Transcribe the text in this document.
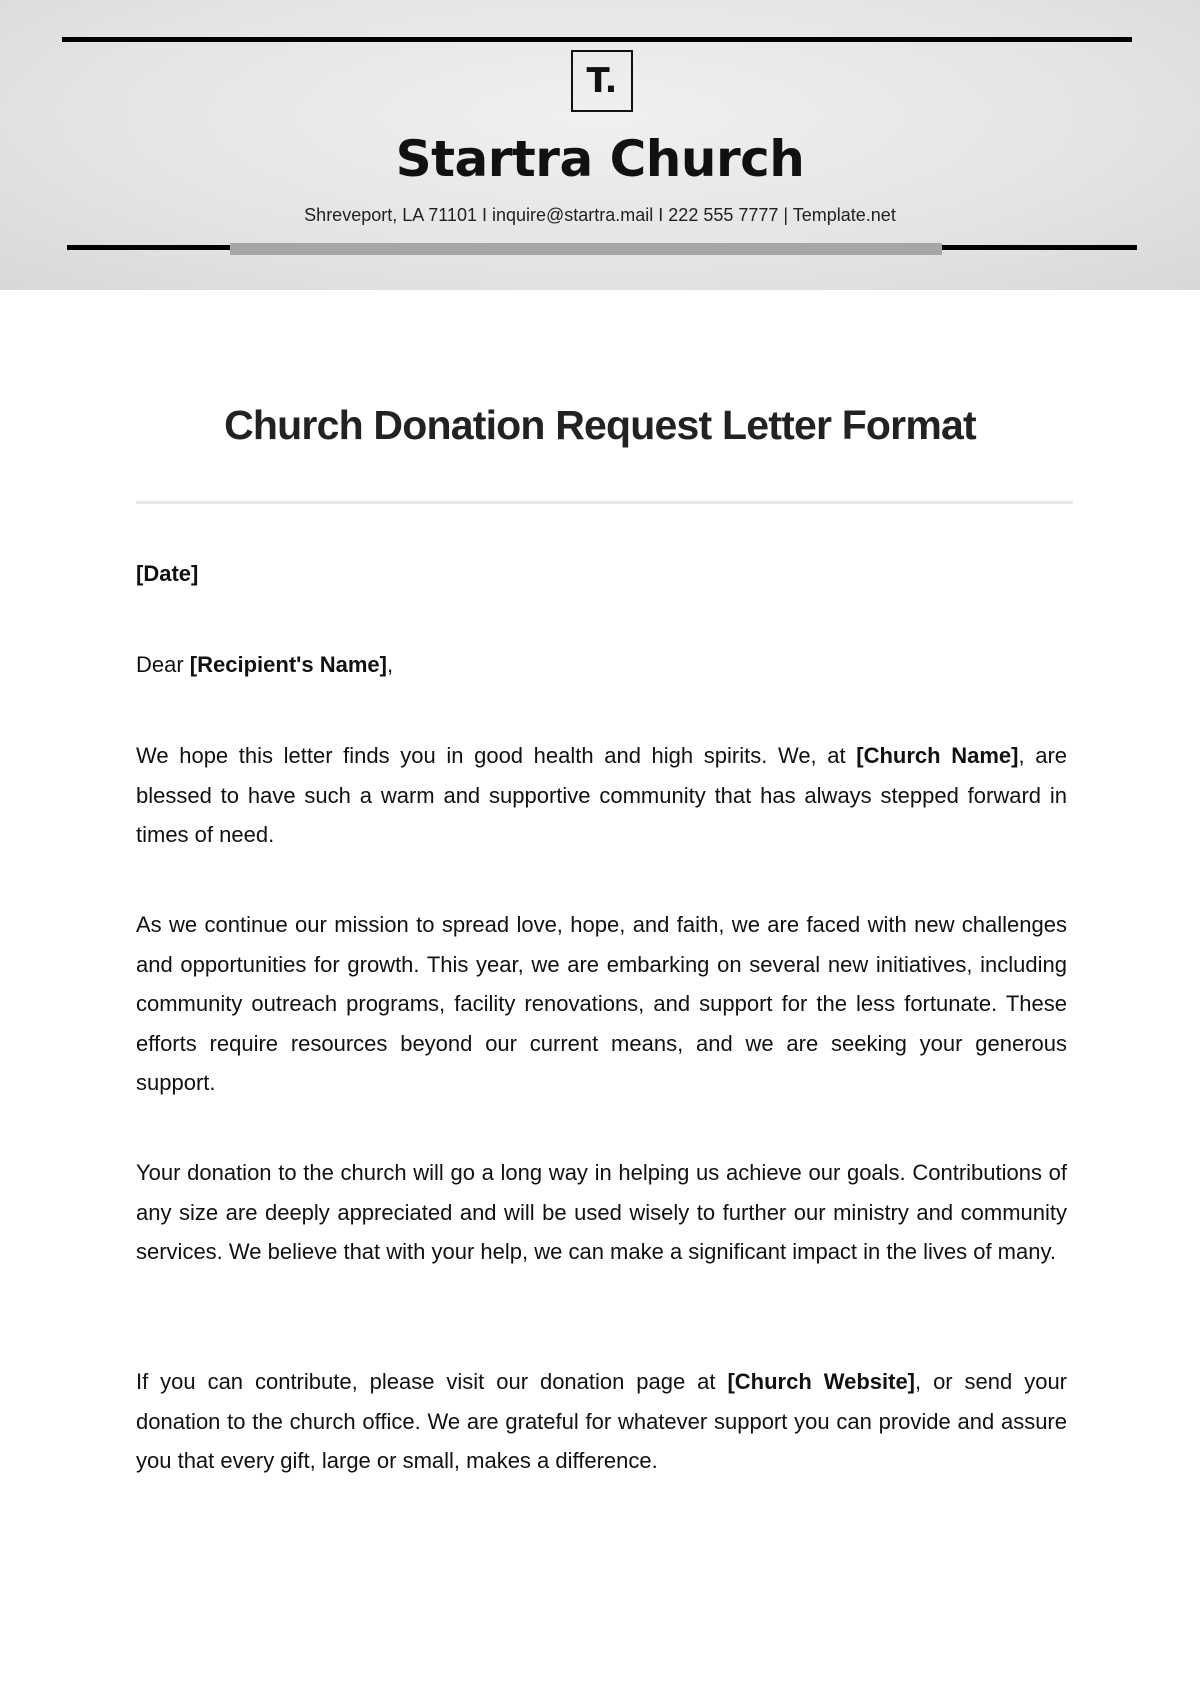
T.
Startra Church
Shreveport, LA 71101 I inquire@startra.mail I 222 555 7777 | Template.net
Church Donation Request Letter Format
[Date]
Dear [Recipient's Name],

We hope this letter finds you in good health and high spirits. We, at [Church Name], are blessed to have such a warm and supportive community that has always stepped forward in times of need.

As we continue our mission to spread love, hope, and faith, we are faced with new challenges and opportunities for growth. This year, we are embarking on several new initiatives, including community outreach programs, facility renovations, and support for the less fortunate. These efforts require resources beyond our current means, and we are seeking your generous support.

Your donation to the church will go a long way in helping us achieve our goals. Contributions of any size are deeply appreciated and will be used wisely to further our ministry and community services. We believe that with your help, we can make a significant impact in the lives of many.

If you can contribute, please visit our donation page at [Church Website], or send your donation to the church office. We are grateful for whatever support you can provide and assure you that every gift, large or small, makes a difference.
